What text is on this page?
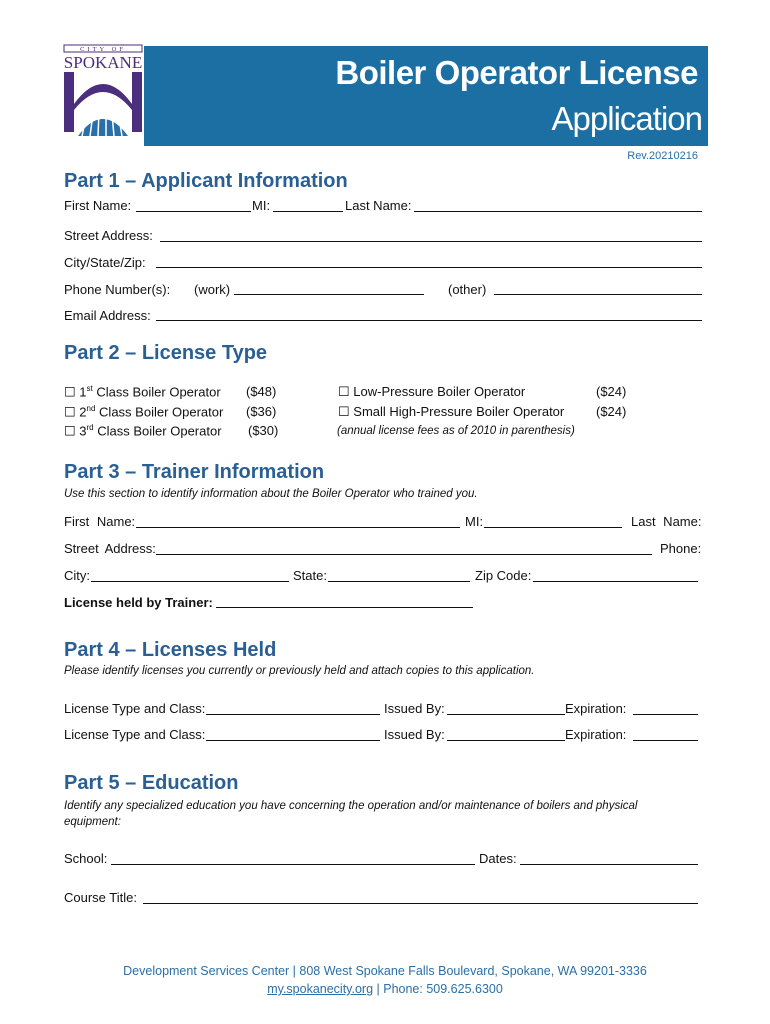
CITY OF
SPOKANE	Boiler Operator License
Application
Rev.20210216
Part 1 – Applicant Information
First Name:	MI:	Last Name:
Street Address:
City/State/Zip:
Phone Number(s): (work)	(other)
Email Address:
Part 2 – License Type
☐ 1st Class Boiler Operator ($48)
☐ 2nd Class Boiler Operator ($36)
☐ 3rd Class Boiler Operator ($30)
☐ Low-Pressure Boiler Operator	($24)
☐ Small High-Pressure Boiler Operator ($24)
(annual license fees as of 2010 in parenthesis)
Part 3 – Trainer Information
Use this section to identify information about the Boiler Operator who trained you.
First Name:	MI:	Last Name:
Street Address:	Phone:
City:	State:	Zip Code:
License held by Trainer:
Part 4 – Licenses Held
Please identify licenses you currently or previously held and attach copies to this application.
License Type and Class:	Issued By:	Expiration:
License Type and Class:	Issued By:	Expiration:
Part 5 – Education
Identify any specialized education you have concerning the operation and/or maintenance of boilers and physical
equipment:
School:	Dates:
Course Title:
Development Services Center | 808 West Spokane Falls Boulevard, Spokane, WA 99201-3336
my.spokanecity.org | Phone: 509.625.6300
